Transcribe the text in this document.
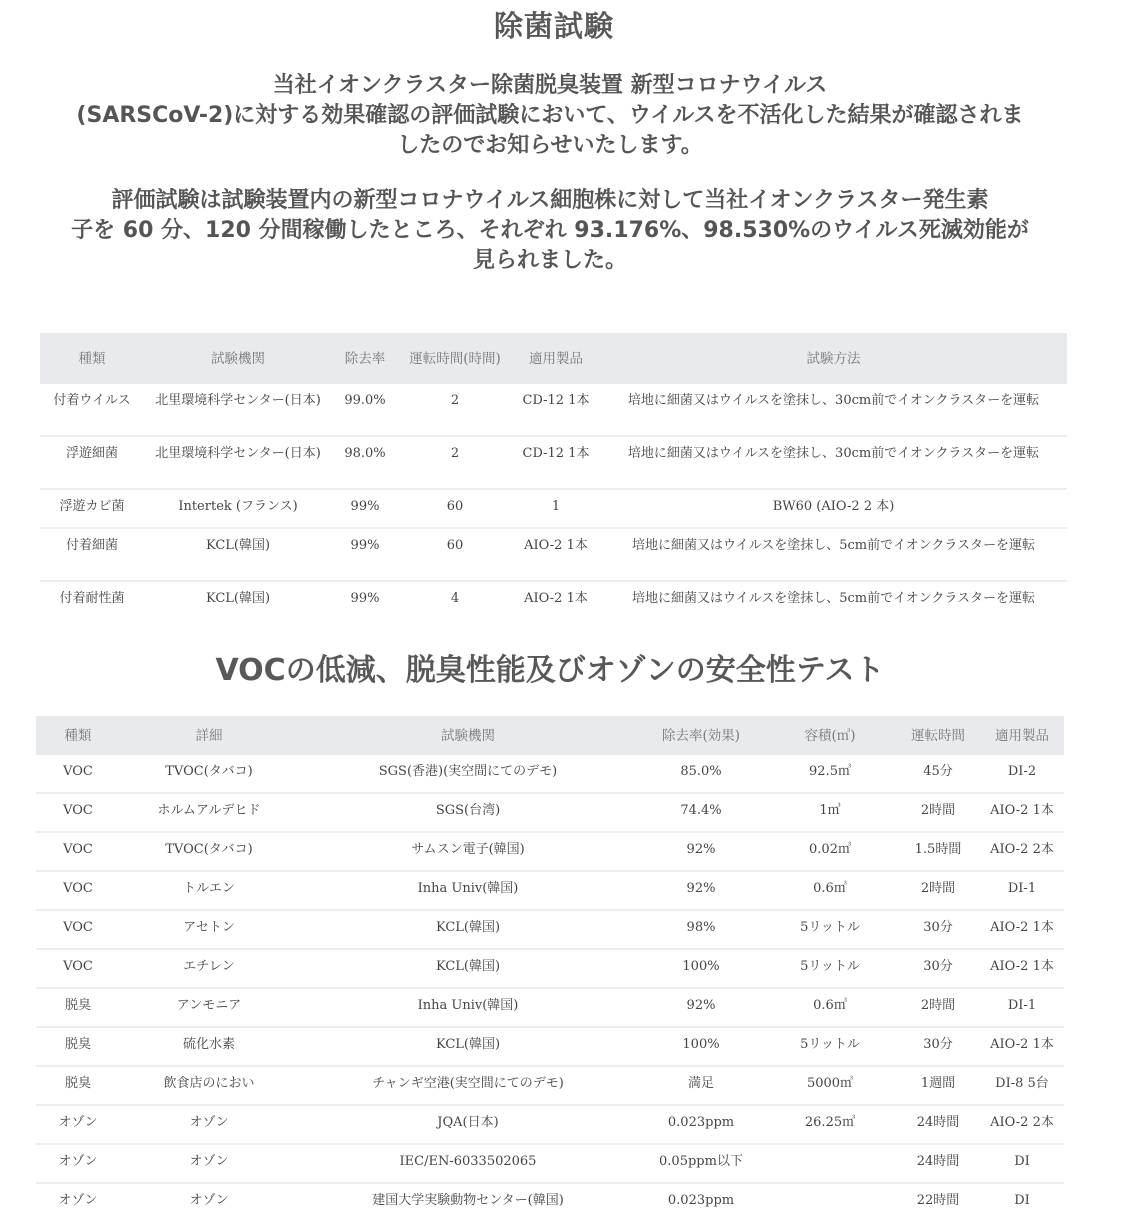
除菌試験
当社イオンクラスター除菌脱臭装置 新型コロナウイルス
(SARSCoV-2)に対する効果確認の評価試験において、ウイルスを不活化した結果が確認されま
したのでお知らせいたします。
評価試験は試験装置内の新型コロナウイルス細胞株に対して当社イオンクラスター発生素
子を 60 分、120 分間稼働したところ、それぞれ 93.176%、98.530%のウイルス死滅効能が
見られました。
種類	試験機関	除去率	運転時間(時間)	適用製品	試験方法
付着ウイルス	北里環境科学センター(日本)	99.0%	2	CD-12 1本	培地に細菌又はウイルスを塗抹し、30cm前でイオンクラスターを運転
浮遊細菌	北里環境科学センター(日本)	98.0%	2	CD-12 1本	培地に細菌又はウイルスを塗抹し、30cm前でイオンクラスターを運転
浮遊カビ菌	Intertek (フランス)	99%	60	1	BW60 (AIO-2 2 本)
付着細菌	KCL(韓国)	99%	60	AIO-2 1本	培地に細菌又はウイルスを塗抹し、5cm前でイオンクラスターを運転
付着耐性菌	KCL(韓国)	99%	4	AIO-2 1本	培地に細菌又はウイルスを塗抹し、5cm前でイオンクラスターを運転
VOCの低減、脱臭性能及びオゾンの安全性テスト
種類	詳細	試験機関	除去率(効果)	容積(㎥)	運転時間	適用製品
VOC	TVOC(タバコ)	SGS(香港)(実空間にてのデモ)	85.0%	92.5㎥	45分	DI-2
VOC	ホルムアルデヒド	SGS(台湾)	74.4%	1㎥	2時間	AIO-2 1本
VOC	TVOC(タバコ)	サムスン電子(韓国)	92%	0.02㎥	1.5時間	AIO-2 2本
VOC	トルエン	Inha Univ(韓国)	92%	0.6㎥	2時間	DI-1
VOC	アセトン	KCL(韓国)	98%	5リットル	30分	AIO-2 1本
VOC	エチレン	KCL(韓国)	100%	5リットル	30分	AIO-2 1本
脱臭	アンモニア	Inha Univ(韓国)	92%	0.6㎥	2時間	DI-1
脱臭	硫化水素	KCL(韓国)	100%	5リットル	30分	AIO-2 1本
脱臭	飲食店のにおい	チャンギ空港(実空間にてのデモ)	満足	5000㎥	1週間	DI-8 5台
オゾン	オゾン	JQA(日本)	0.023ppm	26.25㎥	24時間	AIO-2 2本
オゾン	オゾン	IEC/EN-6033502065	0.05ppm以下		24時間	DI
オゾン	オゾン	建国大学実験動物センター(韓国)	0.023ppm		22時間	DI
